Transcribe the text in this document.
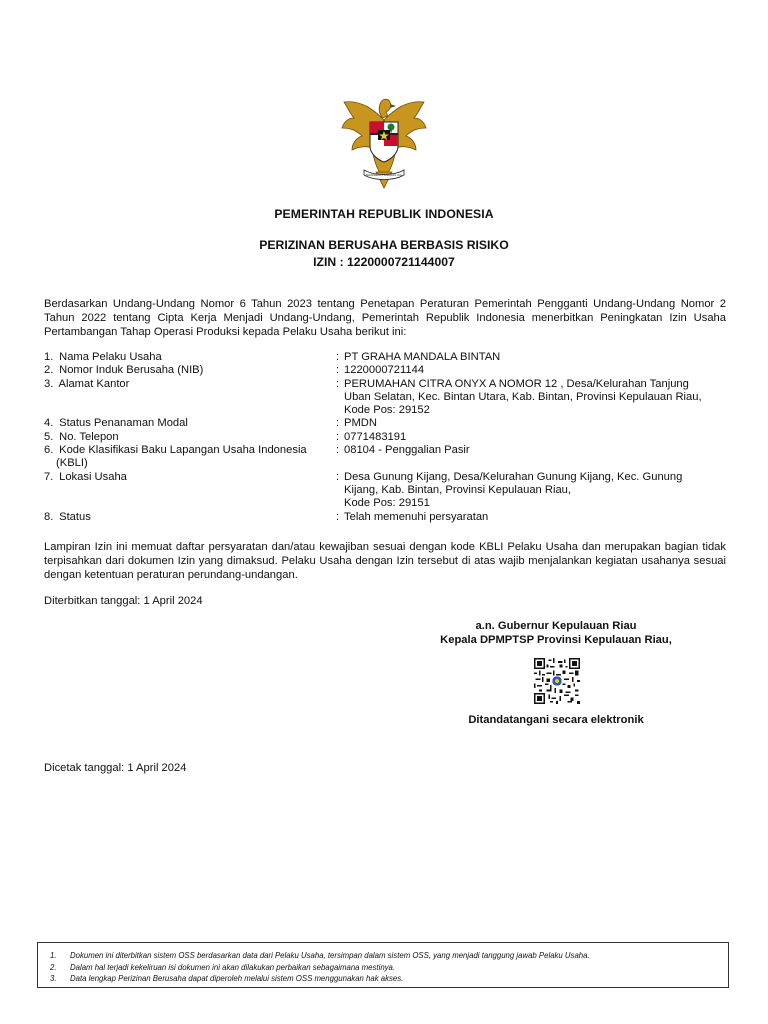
BHINNEKA TUNGGAL IKA
PEMERINTAH REPUBLIK INDONESIA
PERIZINAN BERUSAHA BERBASIS RISIKO
IZIN : 1220000721144007

Berdasarkan Undang-Undang Nomor 6 Tahun 2023 tentang Penetapan Peraturan Pemerintah Pengganti Undang-Undang Nomor 2 Tahun 2022 tentang Cipta Kerja Menjadi Undang-Undang, Pemerintah Republik Indonesia menerbitkan Peningkatan Izin Usaha Pertambangan Tahap Operasi Produksi kepada Pelaku Usaha berikut ini:

1. Nama Pelaku Usaha	: PT GRAHA MANDALA BINTAN
2. Nomor Induk Berusaha (NIB)	: 1220000721144
3. Alamat Kantor	: PERUMAHAN CITRA ONYX A NOMOR 12 , Desa/Kelurahan Tanjung
Uban Selatan, Kec. Bintan Utara, Kab. Bintan, Provinsi Kepulauan Riau,
Kode Pos: 29152
4. Status Penanaman Modal	: PMDN
5. No. Telepon	: 0771483191
6. Kode Klasifikasi Baku Lapangan Usaha Indonesia
(KBLI)
: 08104 - Penggalian Pasir

7. Lokasi Usaha	: Desa Gunung Kijang, Desa/Kelurahan Gunung Kijang, Kec. Gunung
Kijang, Kab. Bintan, Provinsi Kepulauan Riau,
Kode Pos: 29151
8. Status	: Telah memenuhi persyaratan

Lampiran Izin ini memuat daftar persyaratan dan/atau kewajiban sesuai dengan kode KBLI Pelaku Usaha dan merupakan bagian tidak terpisahkan dari dokumen Izin yang dimaksud. Pelaku Usaha dengan Izin tersebut di atas wajib menjalankan kegiatan usahanya sesuai dengan ketentuan peraturan perundang-undangan.

Diterbitkan tanggal: 1 April 2024
a.n. Gubernur Kepulauan Riau
Kepala DPMPTSP Provinsi Kepulauan Riau,
Ditandatangani secara elektronik
Dicetak tanggal: 1 April 2024
1.	Dokumen ini diterbitkan sistem OSS berdasarkan data dari Pelaku Usaha, tersimpan dalam sistem OSS, yang menjadi tanggung jawab Pelaku Usaha.
2.	Dalam hal terjadi kekeliruan isi dokumen ini akan dilakukan perbaikan sebagaimana mestinya.
3.	Data lengkap Perizinan Berusaha dapat diperoleh melalui sistem OSS menggunakan hak akses.
